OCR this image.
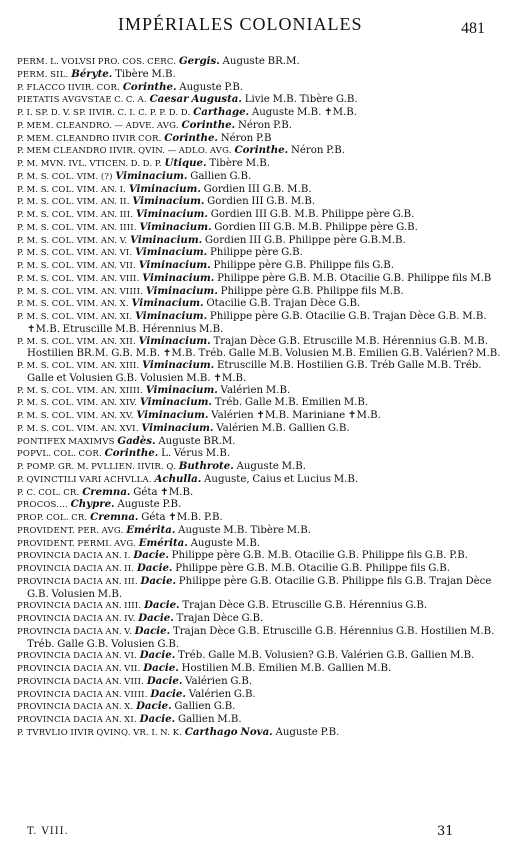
IMPÉRIALES COLONIALES	481
PERM. L. VOLVSI PRO. COS. CERC. Gergis. Auguste BR.M.
PERM. SIL. Béryte. Tibère M.B.
P. FLACCO IIVIR. COR. Corinthe. Auguste P.B.
PIETATIS AVGVSTAE C. C. A. Caesar Augusta. Livie M.B. Tibère G.B.
P. I. SP. D. V. SP. IIVIR. C. I. C. P. P. D. D. Carthage. Auguste M.B. ✝M.B.
P. MEM. CLEANDRO. — ADVE. AVG. Corinthe. Néron P.B.
P. MEM. CLEANDRO IIVIR COR. Corinthe. Néron P.B
P. MEM CLEANDRO IIVIR. QVIN. — ADLO. AVG. Corinthe. Néron P.B.
P. M. MVN. IVL. VTICEN. D. D. P. Utique. Tibère M.B.
P. M. S. COL. VIM. (?) Viminacium. Gallien G.B.
P. M. S. COL. VIM. AN. I. Viminacium. Gordien III G.B. M.B.
P. M. S. COL. VIM. AN. II. Viminacium. Gordien III G.B. M.B.
P. M. S. COL. VIM. AN. III. Viminacium. Gordien III G.B. M.B. Philippe père G.B.
P. M. S. COL. VIM. AN. IIII. Viminacium. Gordien III G.B. M.B. Philippe père G.B.
P. M. S. COL. VIM. AN. V. Viminacium. Gordien III G.B. Philippe père G.B.M.B.
P. M. S. COL. VIM. AN. VI. Viminacium. Philippe père G.B.
P. M. S. COL. VIM. AN. VII. Viminacium. Philippe père G.B. Philippe fils G.B.
P. M. S. COL. VIM. AN. VIII. Viminacium. Philippe père G.B. M.B. Otacilie G.B. Philippe fils M.B
P. M. S. COL. VIM. AN. VIIII. Viminacium. Philippe père G.B. Philippe fils M.B.
P. M. S. COL. VIM. AN. X. Viminacium. Otacilie G.B. Trajan Dèce G.B.
P. M. S. COL. VIM. AN. XI. Viminacium. Philippe père G.B. Otacilie G.B. Trajan Dèce G.B. M.B. ✝M.B. Etruscille M.B. Hérennius M.B.
P. M. S. COL. VIM. AN. XII. Viminacium. Trajan Dèce G.B. Etruscille M.B. Hérennius G.B. M.B. Hostilien BR.M. G.B. M.B. ✝M.B. Tréb. Galle M.B. Volusien M.B. Emilien G.B. Valérien? M.B.
P. M. S. COL. VIM. AN. XIII. Viminacium. Etruscille M.B. Hostilien G.B. Tréb Galle M.B. Tréb. Galle et Volusien G.B. Volusien M.B. ✝M.B.
P. M. S. COL. VIM. AN. XIIII. Viminacium. Valérien M.B.
P. M. S. COL. VIM. AN. XIV. Viminacium. Tréb. Galle M.B. Emilien M.B.
P. M. S. COL. VIM. AN. XV. Viminacium. Valérien ✝M.B. Mariniane ✝M.B.
P. M. S. COL. VIM. AN. XVI. Viminacium. Valérien M.B. Gallien G.B.
PONTIFEX MAXIMVS Gadès. Auguste BR.M.
POPVL. COL. COR. Corinthe. L. Vérus M.B.
P. POMP. GR. M. PVLLIEN. IIVIR. Q. Buthrote. Auguste M.B.
P. QVINCTILI VARI ACHVLLA. Achulla. Auguste, Caius et Lucius M.B.
P. C. COL. CR. Cremna. Géta ✝M.B.
PROCOS.... Chypre. Auguste P.B.
PROP. COL. CR. Cremna. Géta ✝M.B. P.B.
PROVIDENT. PER. AVG. Emérita. Auguste M.B. Tibère M.B.
PROVIDENT. PERMI. AVG. Emérita. Auguste M.B.
PROVINCIA DACIA AN. I. Dacie. Philippe père G.B. M.B. Otacilie G.B. Philippe fils G.B. P.B.
PROVINCIA DACIA AN. II. Dacie. Philippe père G.B. M.B. Otacilie G.B. Philippe fils G.B.
PROVINCIA DACIA AN. III. Dacie. Philippe père G.B. Otacilie G.B. Philippe fils G.B. Trajan Dèce G.B. Volusien M.B.
PROVINCIA DACIA AN. IIII. Dacie. Trajan Dèce G.B. Etruscille G.B. Hérennius G.B.
PROVINCIA DACIA AN. IV. Dacie. Trajan Dèce G.B.
PROVINCIA DACIA AN. V. Dacie. Trajan Dèce G.B. Etruscille G.B. Hérennius G.B. Hostilien M.B. Tréb. Galle G.B. Volusien G.B.
PROVINCIA DACIA AN. VI. Dacie. Tréb. Galle M.B. Volusien? G.B. Valérien G.B. Gallien M.B.
PROVINCIA DACIA AN. VII. Dacie. Hostilien M.B. Emilien M.B. Gallien M.B.
PROVINCIA DACIA AN. VIII. Dacie. Valérien G.B.
PROVINCIA DACIA AN. VIIII. Dacie. Valérien G.B.
PROVINCIA DACIA AN. X. Dacie. Gallien G.B.
PROVINCIA DACIA AN. XI. Dacie. Gallien M.B.
P. TVRVLIO IIVIR QVINQ. VR. I. N. K. Carthago Nova. Auguste P.B.
T. VIII.	31
